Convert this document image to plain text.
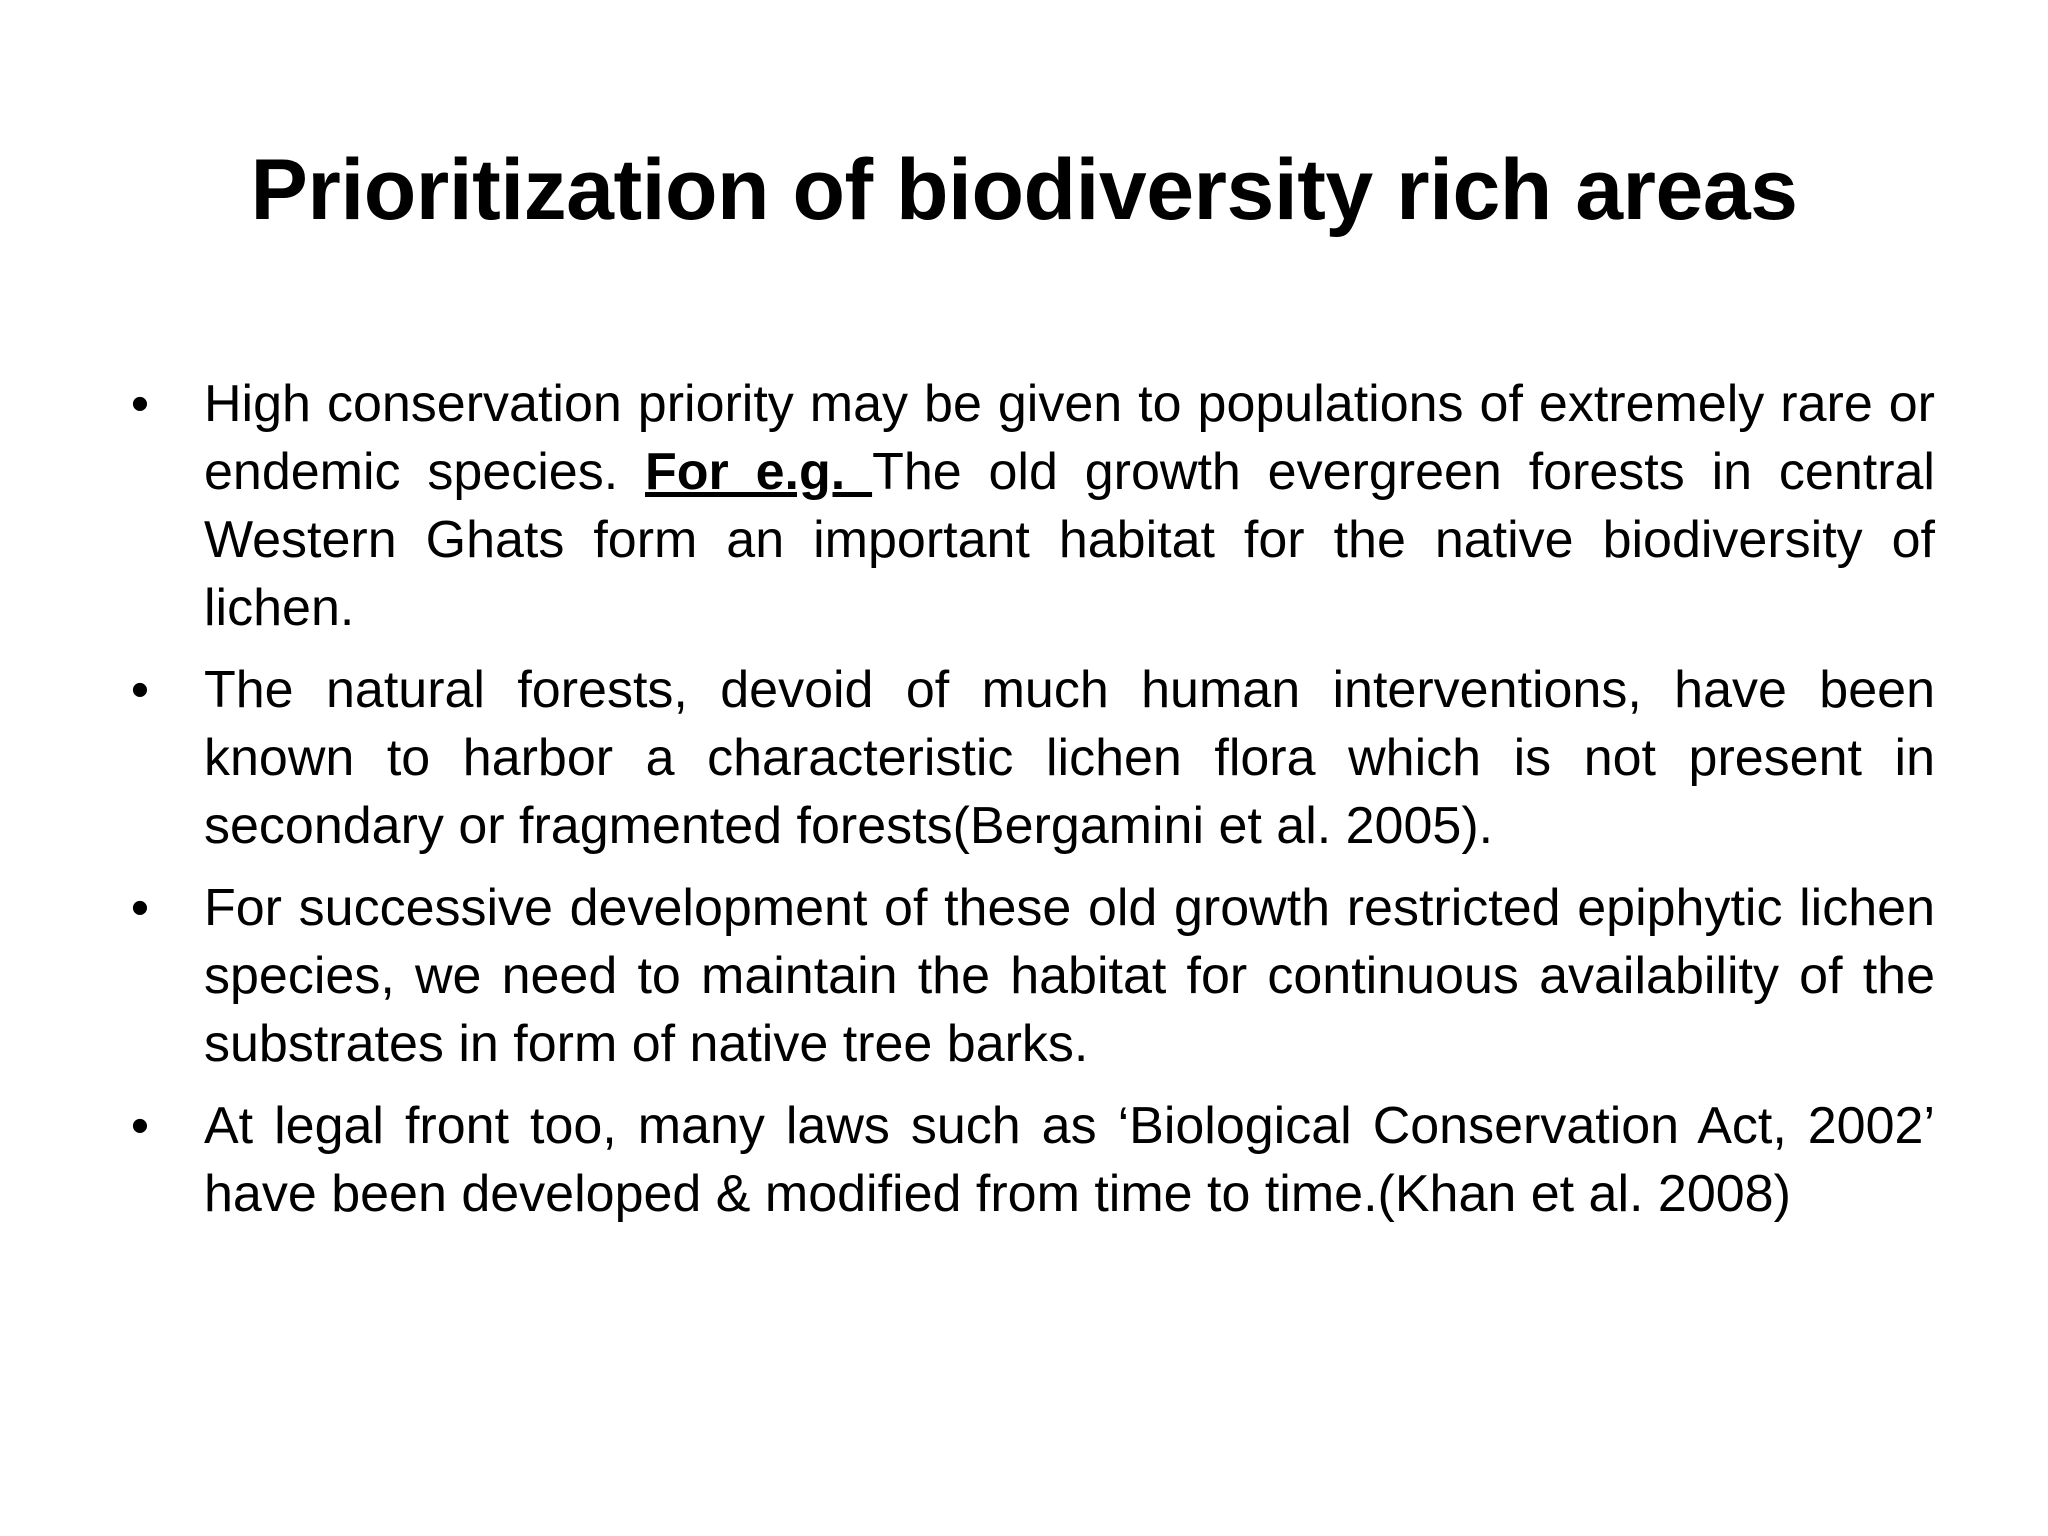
Prioritization of biodiversity rich areas
• High conservation priority may be given to populations of extremely rare or endemic species. For e.g. The old growth evergreen forests in central Western Ghats form an important habitat for the native biodiversity of lichen.
• The natural forests, devoid of much human interventions, have been known to harbor a characteristic lichen flora which is not present in secondary or fragmented forests(Bergamini et al. 2005).
• For successive development of these old growth restricted epiphytic lichen species, we need to maintain the habitat for continuous availability of the substrates in form of native tree barks.
• At legal front too, many laws such as ‘Biological Conservation Act, 2002’ have been developed & modified from time to time.(Khan et al. 2008)
